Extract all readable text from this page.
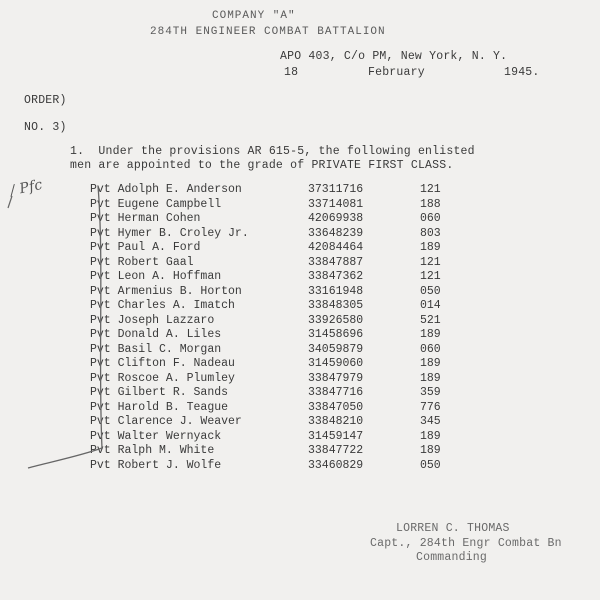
COMPANY "A"
284TH ENGINEER COMBAT BATTALION
APO 403, C/o PM, New York, N. Y.
18	February	1945.
ORDER)
NO. 3)
1.  Under the provisions AR 615-5, the following enlisted
men are appointed to the grade of PRIVATE FIRST CLASS.
/ Pfc	Pvt Adolph E. Anderson	37311716	121
Pvt Eugene Campbell	33714081	188
Pvt Herman Cohen	42069938	060
Pvt Hymer B. Croley Jr.	33648239	803
Pvt Paul A. Ford	42084464	189
Pvt Robert Gaal	33847887	121
Pvt Leon A. Hoffman	33847362	121
Pvt Armenius B. Horton	33161948	050
Pvt Charles A. Imatch	33848305	014
Pvt Joseph Lazzaro	33926580	521
Pvt Donald A. Liles	31458696	189
Pvt Basil C. Morgan	34059879	060
Pvt Clifton F. Nadeau	31459060	189
Pvt Roscoe A. Plumley	33847979	189
Pvt Gilbert R. Sands	33847716	359
Pvt Harold B. Teague	33847050	776
Pvt Clarence J. Weaver	33848210	345
Pvt Walter Wernyack	31459147	189
Pvt Ralph M. White	33847722	189
Pvt Robert J. Wolfe	33460829	050
LORREN C. THOMAS
Capt., 284th Engr Combat Bn
Commanding
